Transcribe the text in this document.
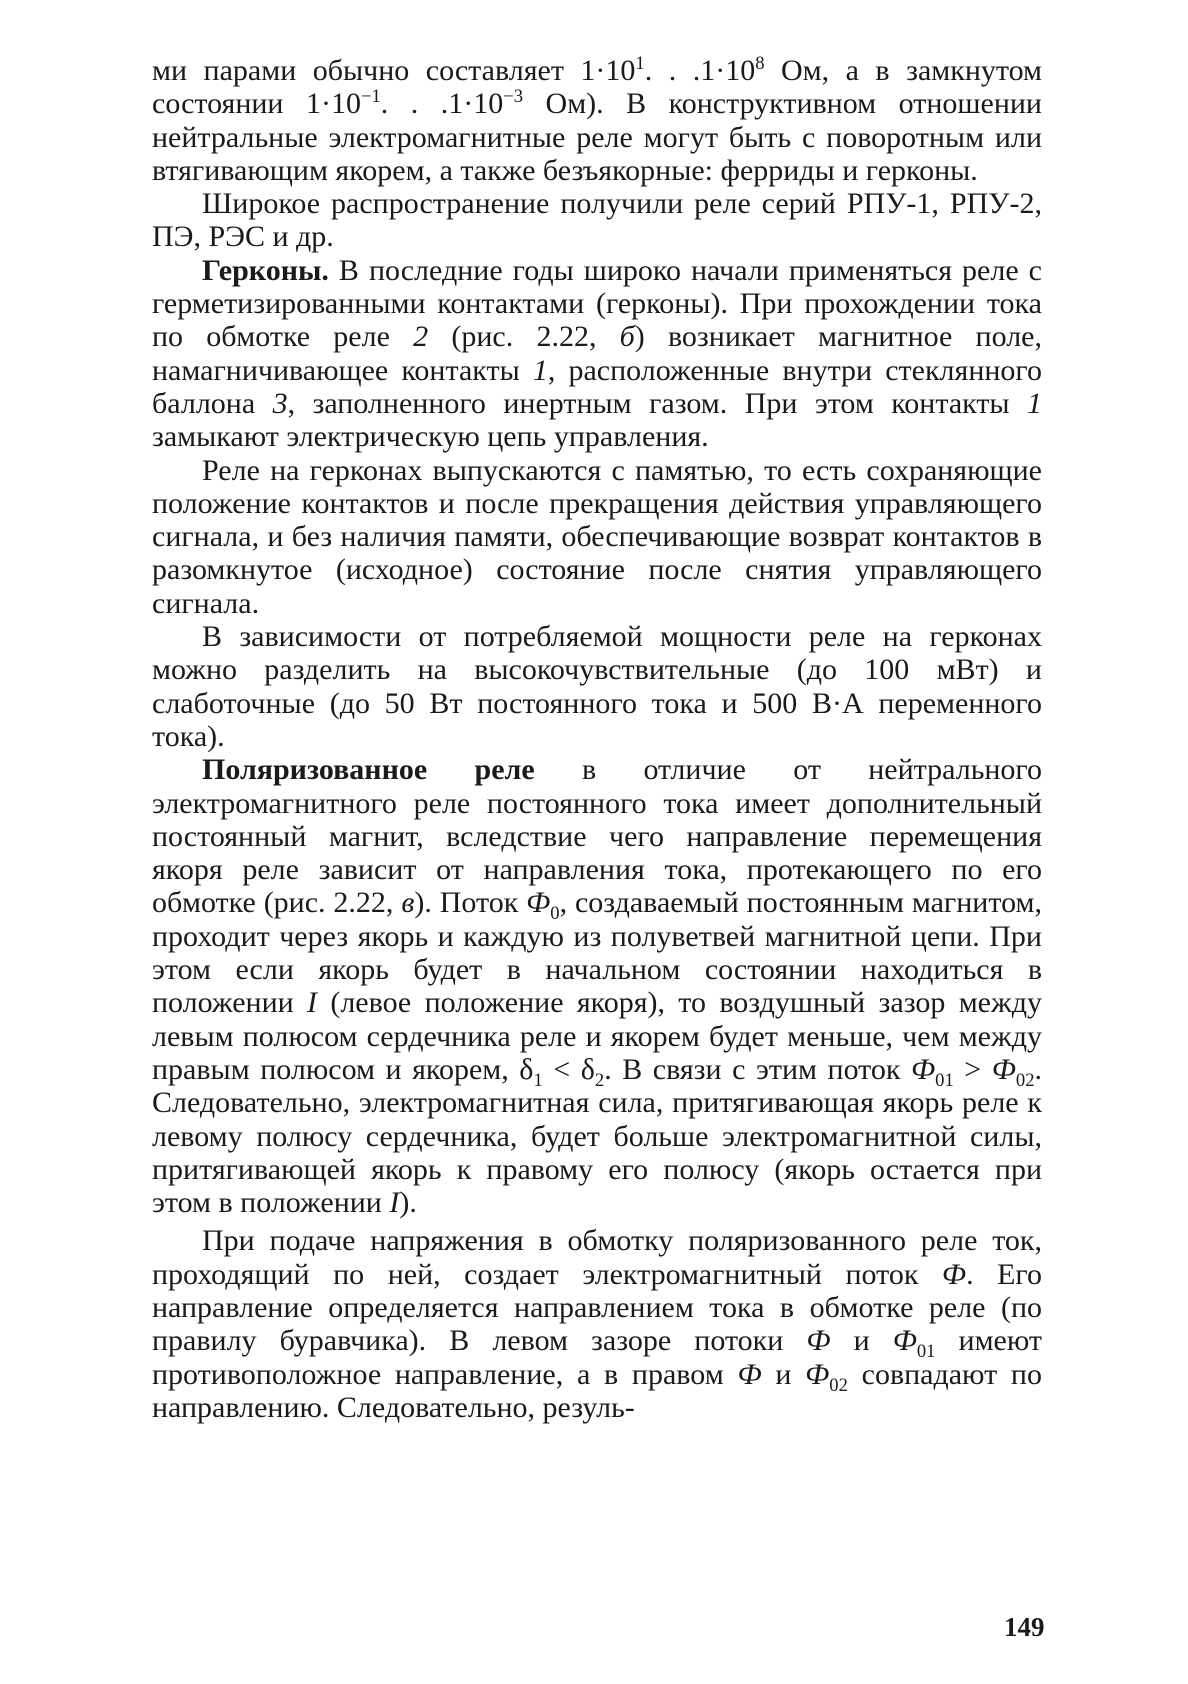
ми парами обычно составляет $1\cdot 10^1$. . $.1\cdot 10^8$ Ом, а в замкнутом состоянии $1\cdot 10^{-1}$. . $.1\cdot 10^{-3}$ Ом). В конструктивном отношении нейтральные электромагнитные реле могут быть с поворотным или втягивающим якорем, а также безъякорные: ферриды и герконы.

Широкое распространение получили реле серий РПУ-1, РПУ-2, ПЭ, РЭС и др.

Герконы. В последние годы широко начали применяться реле с герметизированными контактами (герконы). При прохождении тока по обмотке реле 2 (рис. 2.22, б) возникает магнитное поле, намагничивающее контакты 1, расположенные внутри стеклянного баллона 3, заполненного инертным газом. При этом контакты 1 замыкают электрическую цепь управления.

Реле на герконах выпускаются с памятью, то есть сохраняющие положение контактов и после прекращения действия управляющего сигнала, и без наличия памяти, обеспечивающие возврат контактов в разомкнутое (исходное) состояние после снятия управляющего сигнала.

В зависимости от потребляемой мощности реле на герконах можно разделить на высокочувствительные (до 100 мВт) и слаботочные (до 50 Вт постоянного тока и 500 В·А переменного тока).

Поляризованное реле в отличие от нейтрального электромагнитного реле постоянного тока имеет дополнительный постоянный магнит, вследствие чего направление перемещения якоря реле зависит от направления тока, протекающего по его обмотке (рис. 2.22, в). Поток $Ф_0$, создаваемый постоянным магнитом, проходит через якорь и каждую из полуветвей магнитной цепи. При этом если якорь будет в начальном состоянии находиться в положении I (левое положение якоря), то воздушный зазор между левым полюсом сердечника реле и якорем будет меньше, чем между правым полюсом и якорем, $\delta_1 < \delta_2$. В связи с этим поток $Ф_{01} > Ф_{02}$. Следовательно, электромагнитная сила, притягивающая якорь реле к левому полюсу сердечника, будет больше электромагнитной силы, притягивающей якорь к правому его полюсу (якорь остается при этом в положении I).

При подаче напряжения в обмотку поляризованного реле ток, проходящий по ней, создает электромагнитный поток Ф. Его направление определяется направлением тока в обмотке реле (по правилу буравчика). В левом зазоре потоки Ф и $Ф_{01}$ имеют противоположное направление, а в правом Ф и $Ф_{02}$ совпадают по направлению. Следовательно, резуль-

149
